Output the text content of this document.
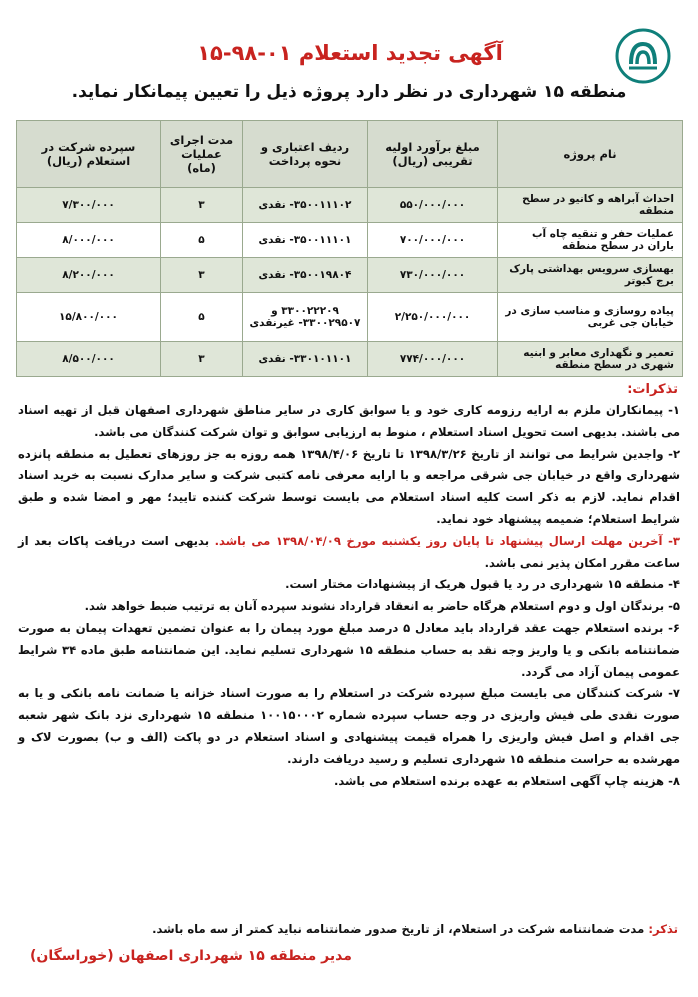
آگهی تجدید استعلام ۰۱-۹۸-۱۵
منطقه ۱۵ شهرداری در نظر دارد پروژه ذیل را تعیین پیمانکار نماید.
نام پروژه	مبلغ برآورد اولیه تقریبی (ریال)	ردیف اعتباری و نحوه پرداخت	مدت اجرای عملیات (ماه)	سپرده شرکت در استعلام (ریال)
احداث آبراهه و کانیو در سطح منطقه	۵۵۰/۰۰۰/۰۰۰	۳۵۰۰۱۱۱۰۲- نقدی	۳	۷/۳۰۰/۰۰۰
عملیات حفر و تنقیه چاه آب باران در سطح منطقه	۷۰۰/۰۰۰/۰۰۰	۳۵۰۰۱۱۱۰۱- نقدی	۵	۸/۰۰۰/۰۰۰
بهسازی سرویس بهداشتی پارک برج کبوتر	۷۳۰/۰۰۰/۰۰۰	۳۵۰۰۱۹۸۰۴- نقدی	۳	۸/۲۰۰/۰۰۰
پیاده روسازی و مناسب سازی در خیابان جی غربی	۲/۲۵۰/۰۰۰/۰۰۰	۳۳۰۰۲۲۲۰۹ و ۳۳۰۰۲۹۵۰۷- غیرنقدی	۵	۱۵/۸۰۰/۰۰۰
تعمیر و نگهداری معابر و ابنیه شهری در سطح منطقه	۷۷۴/۰۰۰/۰۰۰	۳۳۰۱۰۱۱۰۱- نقدی	۳	۸/۵۰۰/۰۰۰
تذکرات:

۱- پیمانکاران ملزم به ارایه رزومه کاری خود و یا سوابق کاری در سایر مناطق شهرداری اصفهان قبل از تهیه اسناد می باشند. بدیهی است تحویل اسناد استعلام ، منوط به ارزیابی سوابق و توان شرکت کنندگان می باشد.

۲- واجدین شرایط می توانند از تاریخ ۱۳۹۸/۳/۲۶ تا تاریخ ۱۳۹۸/۴/۰۶ همه روزه به جز روزهای تعطیل به منطقه پانزده شهرداری واقع در خیابان جی شرقی مراجعه و با ارایه معرفی نامه کتبی شرکت و سایر مدارک نسبت به خرید اسناد اقدام نماید. لازم به ذکر است کلیه اسناد استعلام می بایست توسط شرکت کننده تایید؛ مهر و امضا شده و طبق شرایط استعلام؛ ضمیمه پیشنهاد خود نماید.

۳- آخرین مهلت ارسال پیشنهاد تا پایان روز یکشنبه مورخ ۱۳۹۸/۰۴/۰۹ می باشد. بدیهی است دریافت پاکات بعد از ساعت مقرر امکان پذیر نمی باشد.

۴- منطقه ۱۵ شهرداری در رد یا قبول هریک از پیشنهادات مختار است.

۵- برندگان اول و دوم استعلام هرگاه حاضر به انعقاد قرارداد نشوند سپرده آنان به ترتیب ضبط خواهد شد.

۶- برنده استعلام جهت عقد قرارداد باید معادل ۵ درصد مبلغ مورد پیمان را به عنوان تضمین تعهدات پیمان به صورت ضمانتنامه بانکی و یا واریز وجه نقد به حساب منطقه ۱۵ شهرداری تسلیم نماید. این ضمانتنامه طبق ماده ۳۴ شرایط عمومی پیمان آزاد می گردد.

۷- شرکت کنندگان می بایست مبلغ سپرده شرکت در استعلام را به صورت اسناد خزانه یا ضمانت نامه بانکی و یا به صورت نقدی طی فیش واریزی در وجه حساب سپرده شماره ۱۰۰۱۵۰۰۰۲ منطقه ۱۵ شهرداری نزد بانک شهر شعبه جی اقدام و اصل فیش واریزی را همراه قیمت پیشنهادی و اسناد استعلام در دو پاکت (الف و ب) بصورت لاک و مهرشده به حراست منطقه ۱۵ شهرداری تسلیم و رسید دریافت دارند.

۸- هزینه چاپ آگهی استعلام به عهده برنده استعلام می باشد.

تذکر: مدت ضمانتنامه شرکت در استعلام، از تاریخ صدور ضمانتنامه نباید کمتر از سه ماه باشد.
مدیر منطقه ۱۵ شهرداری اصفهان (خوراسگان)
